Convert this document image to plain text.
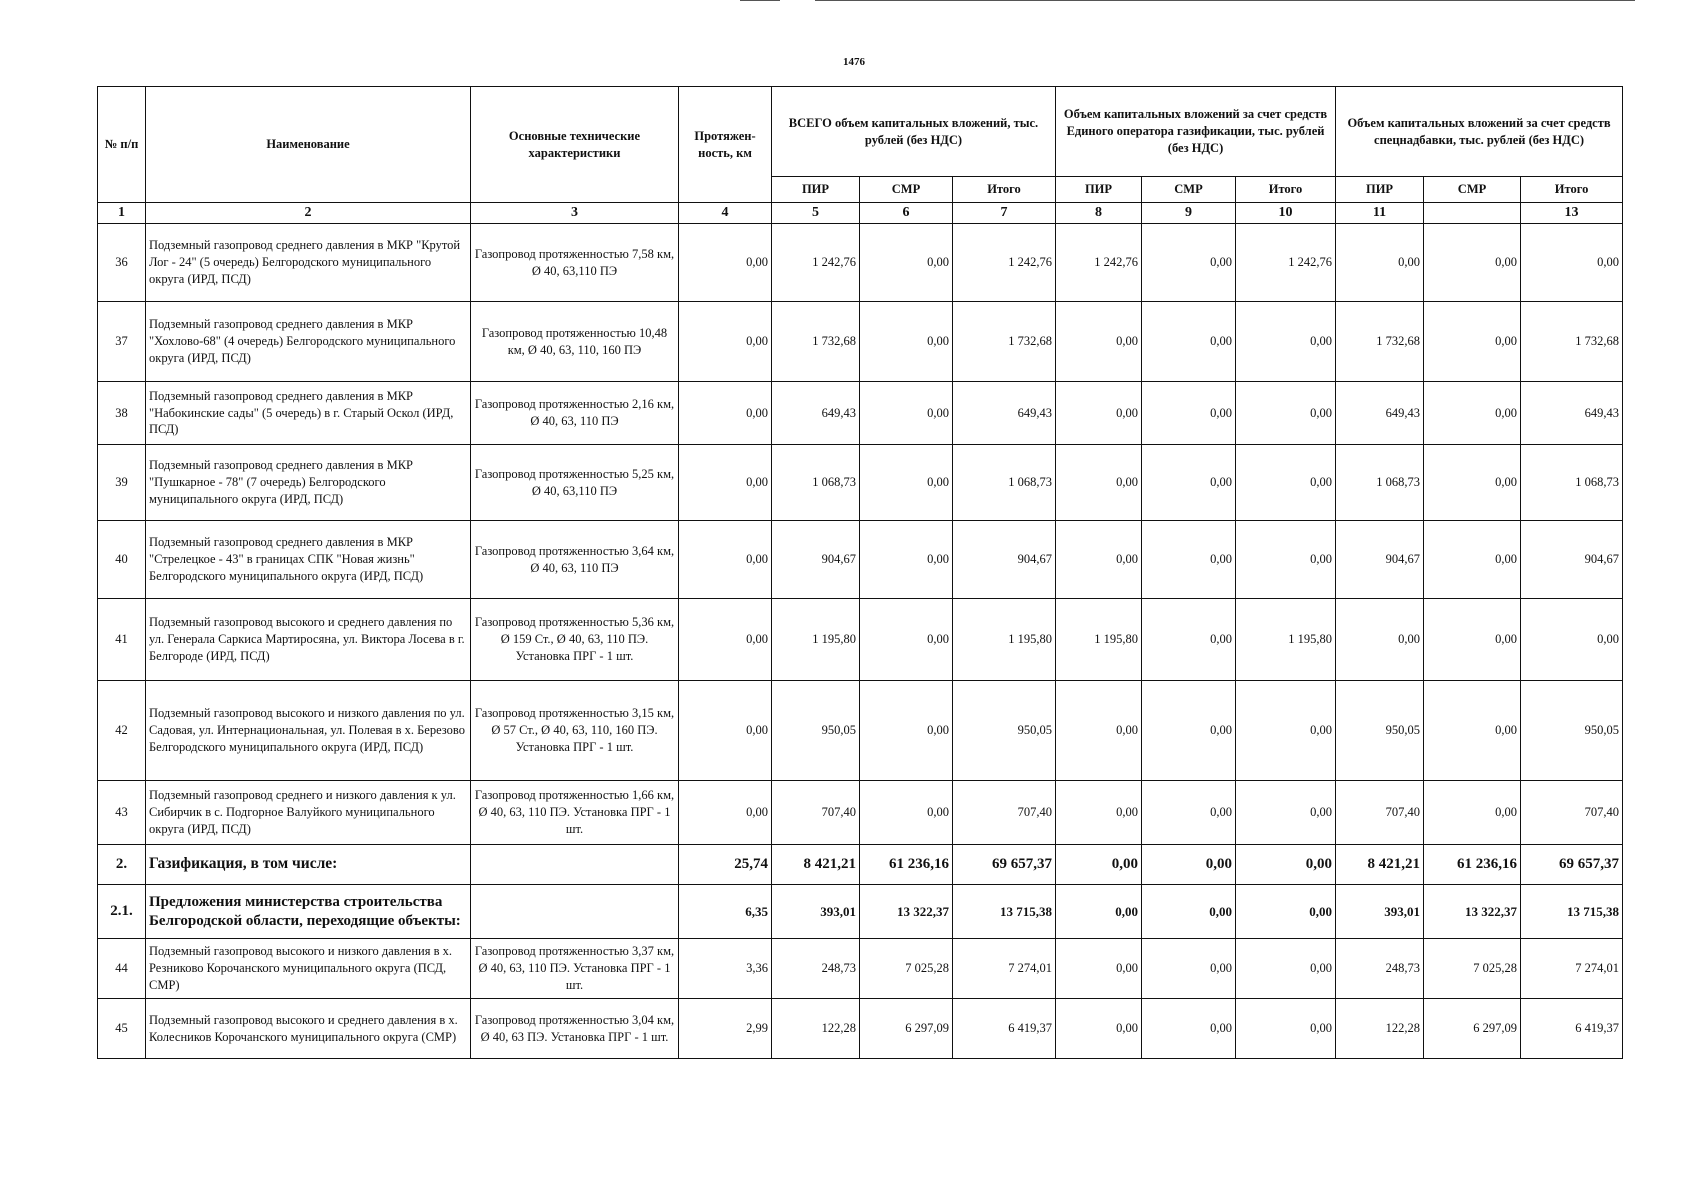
1476
№ п/п	Наименование	Основные технические характеристики	Протяжен-ность, км	ВСЕГО объем капитальных вложений, тыс. рублей (без НДС)			Объем капитальных вложений за счет средств Единого оператора газификации, тыс. рублей (без НДС)			Объем капитальных вложений за счет средств спецнадбавки, тыс. рублей (без НДС)		
				ПИР	СМР	Итого	ПИР	СМР	Итого	ПИР	СМР	Итого
1	2	3	4	5	6	7	8	9	10	11		13
36	Подземный газопровод среднего давления в МКР "Крутой Лог - 24" (5 очередь) Белгородского муниципального округа (ИРД, ПСД)	Газопровод протяженностью 7,58 км, Ø 40, 63,110 ПЭ	0,00	1 242,76	0,00	1 242,76	1 242,76	0,00	1 242,76	0,00	0,00	0,00
37	Подземный газопровод среднего давления в МКР "Хохлово-68" (4 очередь) Белгородского муниципального округа (ИРД, ПСД)	Газопровод протяженностью 10,48 км, Ø 40, 63, 110, 160 ПЭ	0,00	1 732,68	0,00	1 732,68	0,00	0,00	0,00	1 732,68	0,00	1 732,68
38	Подземный газопровод среднего давления в МКР "Набокинские сады" (5 очередь) в г. Старый Оскол (ИРД, ПСД)	Газопровод протяженностью 2,16 км, Ø 40, 63, 110 ПЭ	0,00	649,43	0,00	649,43	0,00	0,00	0,00	649,43	0,00	649,43
39	Подземный газопровод среднего давления в МКР "Пушкарное - 78" (7 очередь) Белгородского муниципального округа (ИРД, ПСД)	Газопровод протяженностью 5,25 км, Ø 40, 63,110 ПЭ	0,00	1 068,73	0,00	1 068,73	0,00	0,00	0,00	1 068,73	0,00	1 068,73
40	Подземный газопровод среднего давления в МКР "Стрелецкое - 43" в границах СПК "Новая жизнь" Белгородского муниципального округа (ИРД, ПСД)	Газопровод протяженностью 3,64 км, Ø 40, 63, 110 ПЭ	0,00	904,67	0,00	904,67	0,00	0,00	0,00	904,67	0,00	904,67
41	Подземный газопровод высокого и среднего давления по ул. Генерала Саркиса Мартиросяна, ул. Виктора Лосева в г. Белгороде (ИРД, ПСД)	Газопровод протяженностью 5,36 км, Ø 159 Ст., Ø 40, 63, 110 ПЭ. Установка ПРГ - 1 шт.	0,00	1 195,80	0,00	1 195,80	1 195,80	0,00	1 195,80	0,00	0,00	0,00
42	Подземный газопровод высокого и низкого давления по ул. Садовая, ул. Интернациональная, ул. Полевая в х. Березово Белгородского муниципального округа (ИРД, ПСД)	Газопровод протяженностью 3,15 км, Ø 57 Ст., Ø 40, 63, 110, 160 ПЭ. Установка ПРГ - 1 шт.	0,00	950,05	0,00	950,05	0,00	0,00	0,00	950,05	0,00	950,05
43	Подземный газопровод среднего и низкого давления к ул. Сибирчик в с. Подгорное Валуйкого муниципального округа (ИРД, ПСД)	Газопровод протяженностью 1,66 км, Ø 40, 63, 110 ПЭ. Установка ПРГ - 1 шт.	0,00	707,40	0,00	707,40	0,00	0,00	0,00	707,40	0,00	707,40
2.	Газификация, в том числе:		25,74	8 421,21	61 236,16	69 657,37	0,00	0,00	0,00	8 421,21	61 236,16	69 657,37
2.1.	Предложения министерства строительства Белгородской области, переходящие объекты:		6,35	393,01	13 322,37	13 715,38	0,00	0,00	0,00	393,01	13 322,37	13 715,38
44	Подземный газопровод высокого и низкого давления в х. Резниково Корочанского муниципального округа (ПСД, СМР)	Газопровод протяженностью 3,37 км, Ø 40, 63, 110 ПЭ. Установка ПРГ - 1 шт.	3,36	248,73	7 025,28	7 274,01	0,00	0,00	0,00	248,73	7 025,28	7 274,01
45	Подземный газопровод высокого и среднего давления в х. Колесников Корочанского муниципального округа (СМР)	Газопровод протяженностью 3,04 км, Ø 40, 63 ПЭ. Установка ПРГ - 1 шт.	2,99	122,28	6 297,09	6 419,37	0,00	0,00	0,00	122,28	6 297,09	6 419,37
